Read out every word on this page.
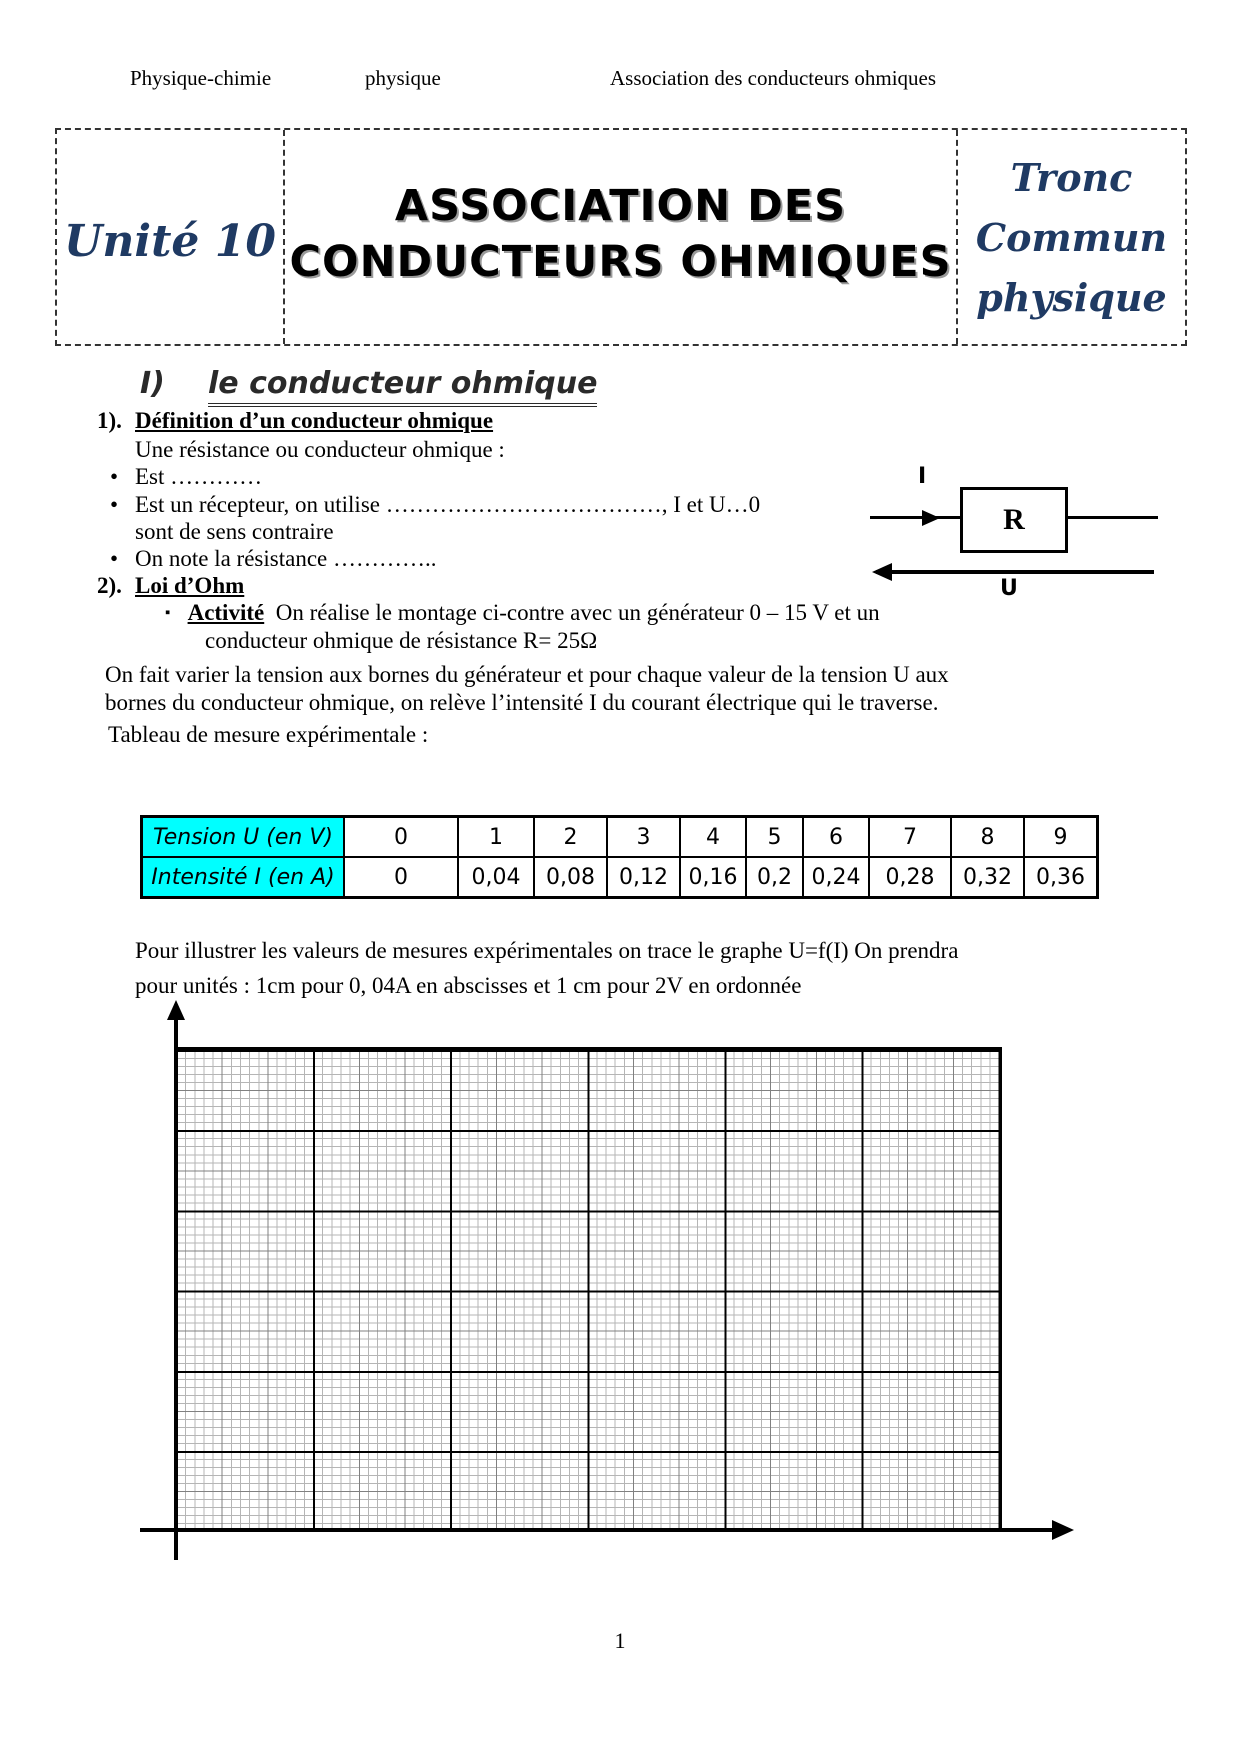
Physique-chimie	physique	Association des conducteurs ohmiques
Unité 10
ASSOCIATION DES
CONDUCTEURS OHMIQUES
Tronc
Commun
physique
I) le conducteur ohmique
1). Définition d’un conducteur ohmique
Une résistance ou conducteur ohmique :
• Est …………
• Est un récepteur, on utilise ………………………………, I et U…0
sont de sens contraire
• On note la résistance …………..
2). Loi d’Ohm
▪ Activité On réalise le montage ci-contre avec un générateur 0 – 15 V et un
conducteur ohmique de résistance R= 25Ω
I
R
U
On fait varier la tension aux bornes du générateur et pour chaque valeur de la tension U aux
bornes du conducteur ohmique, on relève l’intensité I du courant électrique qui le traverse.
Tableau de mesure expérimentale :
Tension U (en V)	0	1	2	3	4	5	6	7	8	9
Intensité I (en A)	0	0,04	0,08	0,12	0,16	0,2	0,24	0,28	0,32	0,36
Pour illustrer les valeurs de mesures expérimentales on trace le graphe U=f(I) On prendra
pour unités : 1cm pour 0, 04A en abscisses et 1 cm pour 2V en ordonnée
1
